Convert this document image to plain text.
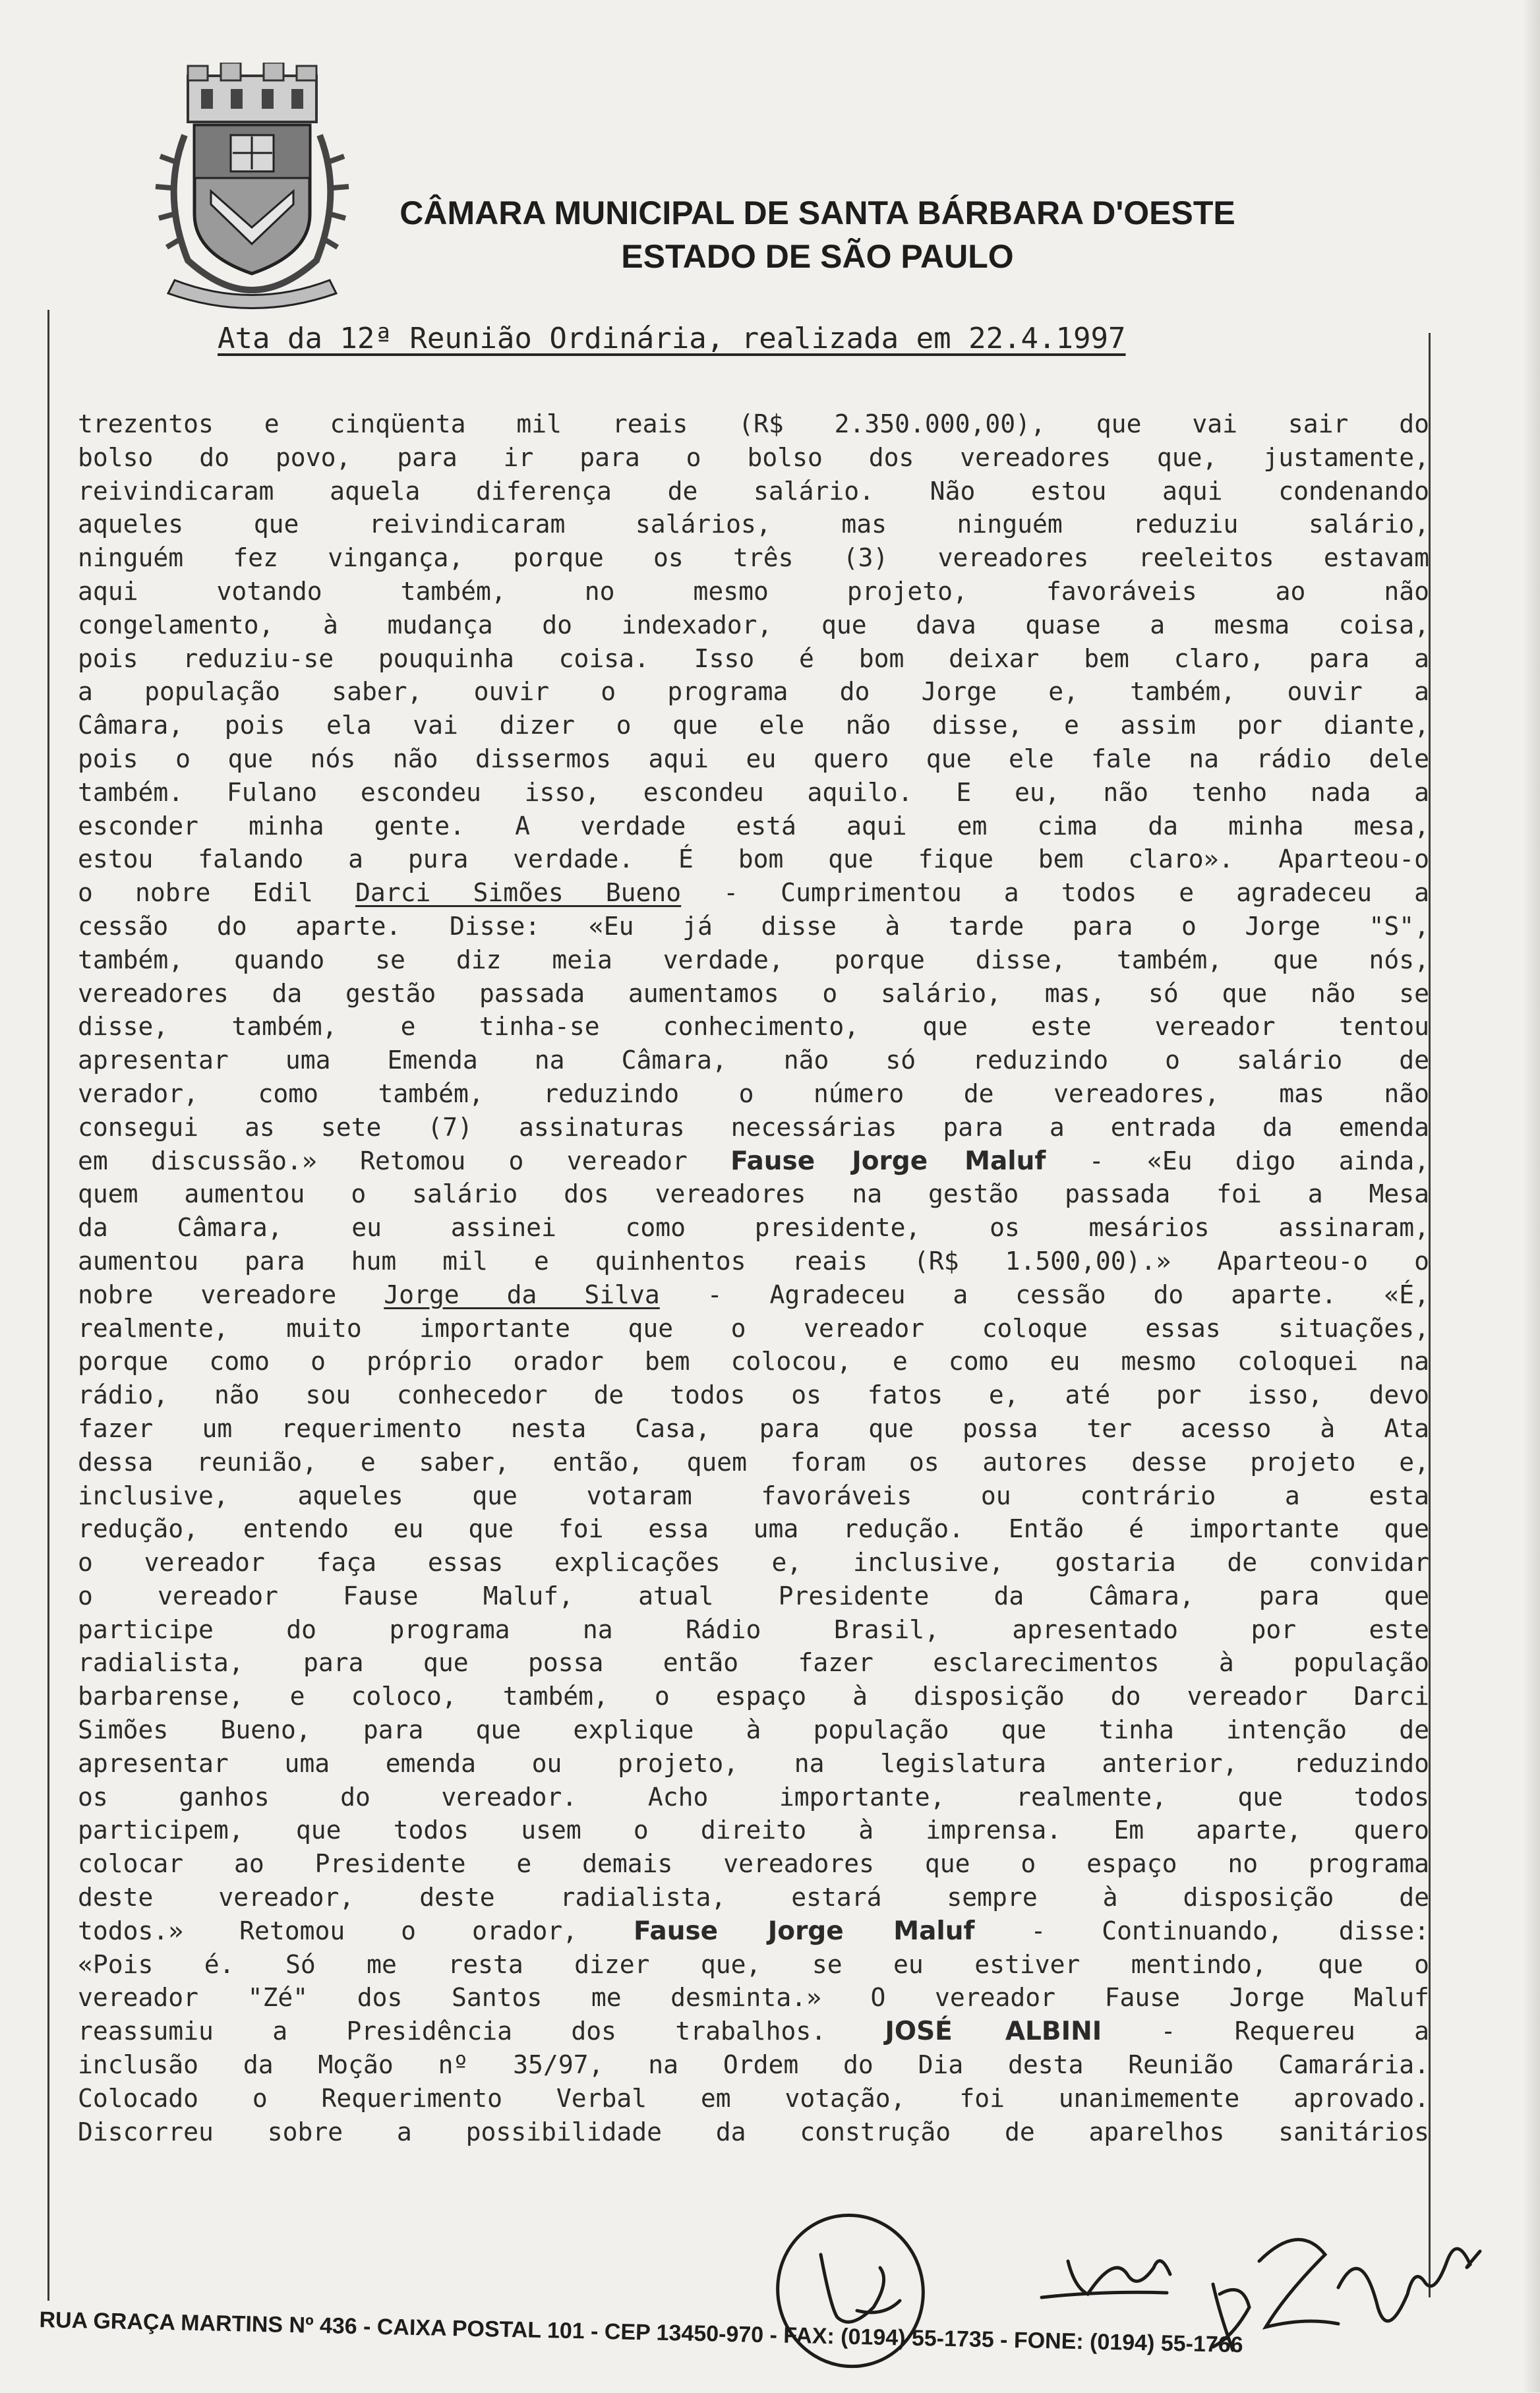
CÂMARA MUNICIPAL DE SANTA BÁRBARA D'OESTE
ESTADO DE SÃO PAULO
Ata da 12ª Reunião Ordinária, realizada em 22.4.1997
trezentos e cinqüenta mil reais (R$ 2.350.000,00), que vai sair do
bolso do povo, para ir para o bolso dos vereadores que, justamente,
reivindicaram aquela diferença de salário. Não estou aqui condenando
aqueles que reivindicaram salários, mas ninguém reduziu salário,
ninguém fez vingança, porque os três (3) vereadores reeleitos estavam
aqui votando também, no mesmo projeto, favoráveis ao não
congelamento, à mudança do indexador, que dava quase a mesma coisa,
pois reduziu-se pouquinha coisa. Isso é bom deixar bem claro, para a
a população saber, ouvir o programa do Jorge e, também, ouvir a
Câmara, pois ela vai dizer o que ele não disse, e assim por diante,
pois o que nós não dissermos aqui eu quero que ele fale na rádio dele
também. Fulano escondeu isso, escondeu aquilo. E eu, não tenho nada a
esconder minha gente. A verdade está aqui em cima da minha mesa,
estou falando a pura verdade. É bom que fique bem claro». Aparteou-o
o nobre Edil Darci Simões Bueno - Cumprimentou a todos e agradeceu a
cessão do aparte. Disse: «Eu já disse à tarde para o Jorge "S",
também, quando se diz meia verdade, porque disse, também, que nós,
vereadores da gestão passada aumentamos o salário, mas, só que não se
disse, também, e tinha-se conhecimento, que este vereador tentou
apresentar uma Emenda na Câmara, não só reduzindo o salário de
verador, como também, reduzindo o número de vereadores, mas não
consegui as sete (7) assinaturas necessárias para a entrada da emenda
em discussão.» Retomou o vereador Fause Jorge Maluf - «Eu digo ainda,
quem aumentou o salário dos vereadores na gestão passada foi a Mesa
da Câmara, eu assinei como presidente, os mesários assinaram,
aumentou para hum mil e quinhentos reais (R$ 1.500,00).» Aparteou-o o
nobre vereadore Jorge da Silva - Agradeceu a cessão do aparte. «É,
realmente, muito importante que o vereador coloque essas situações,
porque como o próprio orador bem colocou, e como eu mesmo coloquei na
rádio, não sou conhecedor de todos os fatos e, até por isso, devo
fazer um requerimento nesta Casa, para que possa ter acesso à Ata
dessa reunião, e saber, então, quem foram os autores desse projeto e,
inclusive, aqueles que votaram favoráveis ou contrário a esta
redução, entendo eu que foi essa uma redução. Então é importante que
o vereador faça essas explicações e, inclusive, gostaria de convidar
o vereador Fause Maluf, atual Presidente da Câmara, para que
participe do programa na Rádio Brasil, apresentado por este
radialista, para que possa então fazer esclarecimentos à população
barbarense, e coloco, também, o espaço à disposição do vereador Darci
Simões Bueno, para que explique à população que tinha intenção de
apresentar uma emenda ou projeto, na legislatura anterior, reduzindo
os ganhos do vereador. Acho importante, realmente, que todos
participem, que todos usem o direito à imprensa. Em aparte, quero
colocar ao Presidente e demais vereadores que o espaço no programa
deste vereador, deste radialista, estará sempre à disposição de
todos.» Retomou o orador, Fause Jorge Maluf - Continuando, disse:
«Pois é. Só me resta dizer que, se eu estiver mentindo, que o
vereador "Zé" dos Santos me desminta.» O vereador Fause Jorge Maluf
reassumiu a Presidência dos trabalhos. JOSÉ ALBINI - Requereu a
inclusão da Moção nº 35/97, na Ordem do Dia desta Reunião Camarária.
Colocado o Requerimento Verbal em votação, foi unanimemente aprovado.
Discorreu sobre a possibilidade da construção de aparelhos sanitários
RUA GRAÇA MARTINS Nº 436 - CAIXA POSTAL 101 - CEP 13450-970 - FAX: (0194) 55-1735 - FONE: (0194) 55-1766
